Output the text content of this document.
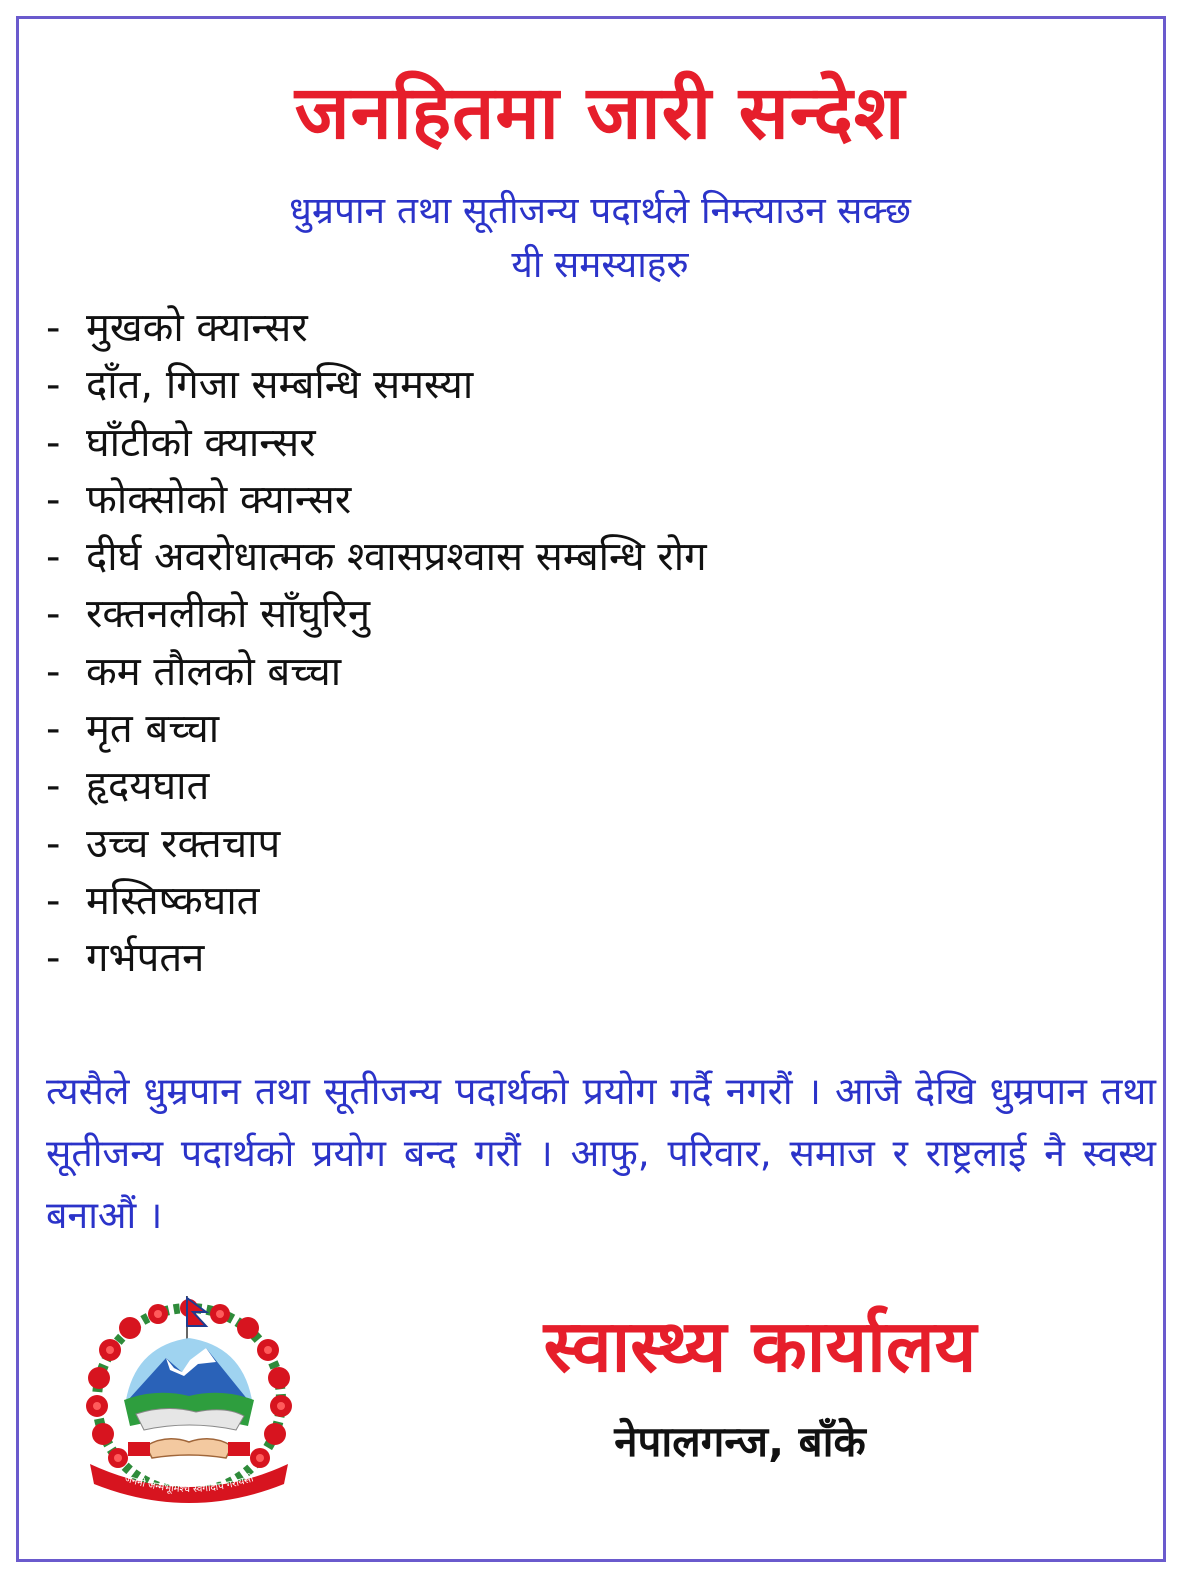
जनहितमा जारी सन्देश
धुम्रपान तथा सूतीजन्य पदार्थले निम्त्याउन सक्छ
यी समस्याहरु
- मुखको क्यान्सर
- दाँत, गिजा सम्बन्धि समस्या
- घाँटीको क्यान्सर
- फोक्सोको क्यान्सर
- दीर्घ अवरोधात्मक श्वासप्रश्वास सम्बन्धि रोग
- रक्तनलीको साँघुरिनु
- कम तौलको बच्चा
- मृत बच्चा
- हृदयघात
- उच्च रक्तचाप
- मस्तिष्कघात
- गर्भपतन
त्यसैले धुम्रपान तथा सूतीजन्य पदार्थको प्रयोग गर्दै नगरौं । आजै देखि धुम्रपान तथा सूतीजन्य पदार्थको प्रयोग बन्द गरौं । आफु, परिवार, समाज र राष्ट्रलाई नै स्वस्थ बनाऔं ।
जननी जन्मभूमिश्च स्वर्गादपि गरीयसी
स्वास्थ्य कार्यालय
नेपालगन्ज, बाँके
